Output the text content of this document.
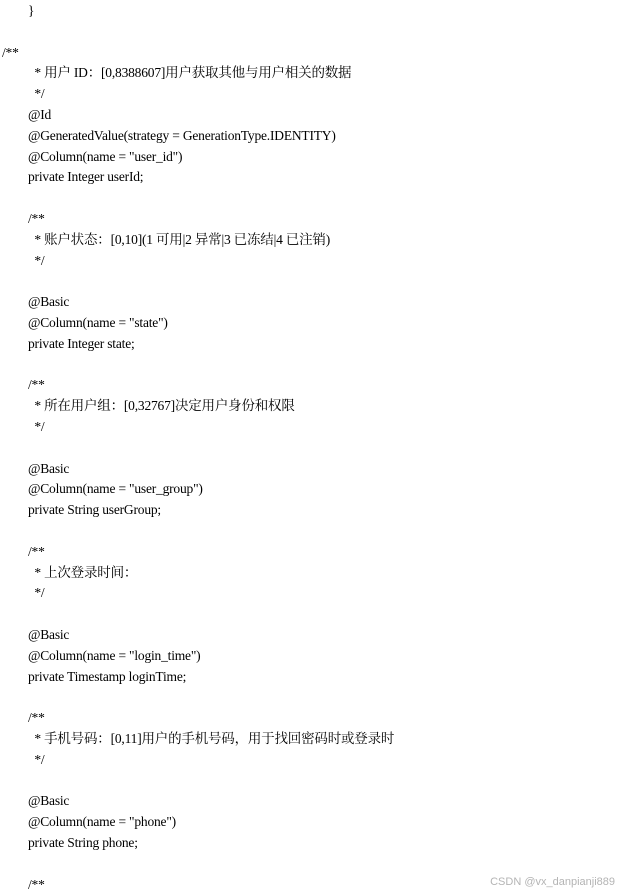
}
/**
* 用户 ID：[0,8388607]用户获取其他与用户相关的数据
*/
@Id
@GeneratedValue(strategy = GenerationType.IDENTITY)
@Column(name = "user_id")
private Integer userId;
/**
* 账户状态：[0,10](1 可用|2 异常|3 已冻结|4 已注销)
*/
@Basic
@Column(name = "state")
private Integer state;
/**
* 所在用户组：[0,32767]决定用户身份和权限
*/
@Basic
@Column(name = "user_group")
private String userGroup;
/**
* 上次登录时间：
*/
@Basic
@Column(name = "login_time")
private Timestamp loginTime;
/**
* 手机号码：[0,11]用户的手机号码，用于找回密码时或登录时
*/
@Basic
@Column(name = "phone")
private String phone;
/**	CSDN @vx_danpianji889
